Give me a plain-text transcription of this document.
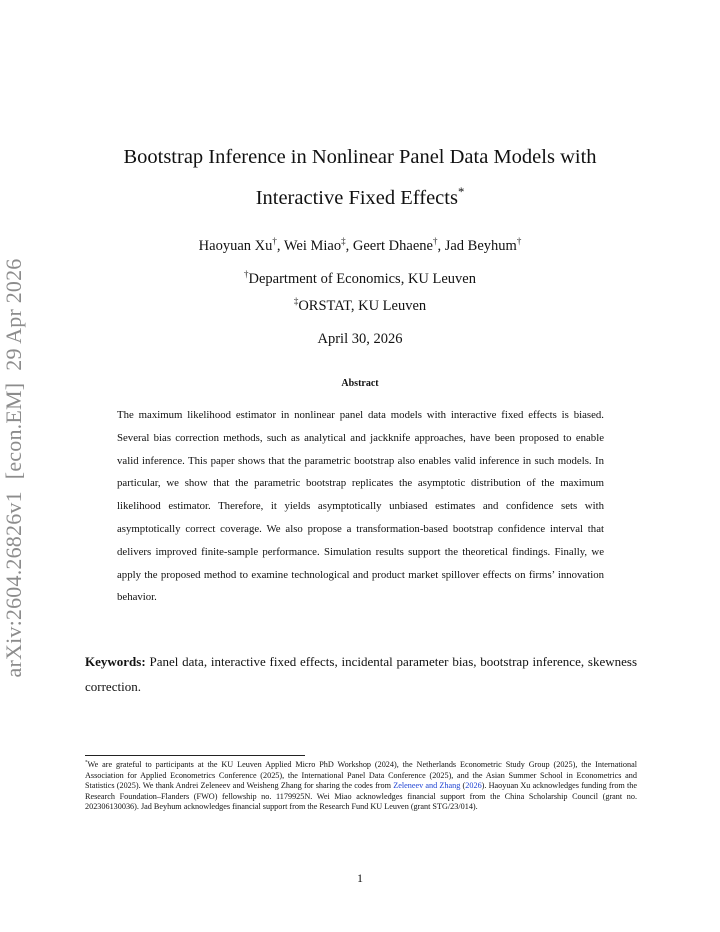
arXiv:2604.26826v1
[econ.EM]
29 Apr 2026
Bootstrap Inference in Nonlinear Panel Data Models with
Interactive Fixed Effects*
Haoyuan Xu†, Wei Miao‡, Geert Dhaene†, Jad Beyhum†
†Department of Economics, KU Leuven
‡ORSTAT, KU Leuven
April 30, 2026
Abstract
The maximum likelihood estimator in nonlinear panel data models with interactive fixed effects is biased. Several bias correction methods, such as analytical and jackknife approaches, have been proposed to enable valid inference. This paper shows that the parametric bootstrap also enables valid inference in such models. In particular, we show that the parametric bootstrap replicates the asymptotic distribution of the maximum likelihood estimator. Therefore, it yields asymptotically unbiased estimates and confidence sets with asymptotically correct coverage. We also propose a transformation-based bootstrap confidence interval that delivers improved finite-sample performance. Simulation results support the theoretical findings. Finally, we apply the proposed method to examine technological and product market spillover effects on firms’ innovation behavior.
Keywords: Panel data, interactive fixed effects, incidental parameter bias, bootstrap inference, skewness correction.
*We are grateful to participants at the KU Leuven Applied Micro PhD Workshop (2024), the Netherlands Econometric Study Group (2025), the International Association for Applied Econometrics Conference (2025), the International Panel Data Conference (2025), and the Asian Summer School in Econometrics and Statistics (2025). We thank Andrei Zeleneev and Weisheng Zhang for sharing the codes from Zeleneev and Zhang (2026). Haoyuan Xu acknowledges funding from the Research Foundation–Flanders (FWO) fellowship no. 1179925N. Wei Miao acknowledges financial support from the China Scholarship Council (grant no. 202306130036). Jad Beyhum acknowledges financial support from the Research Fund KU Leuven (grant STG/23/014).
1
